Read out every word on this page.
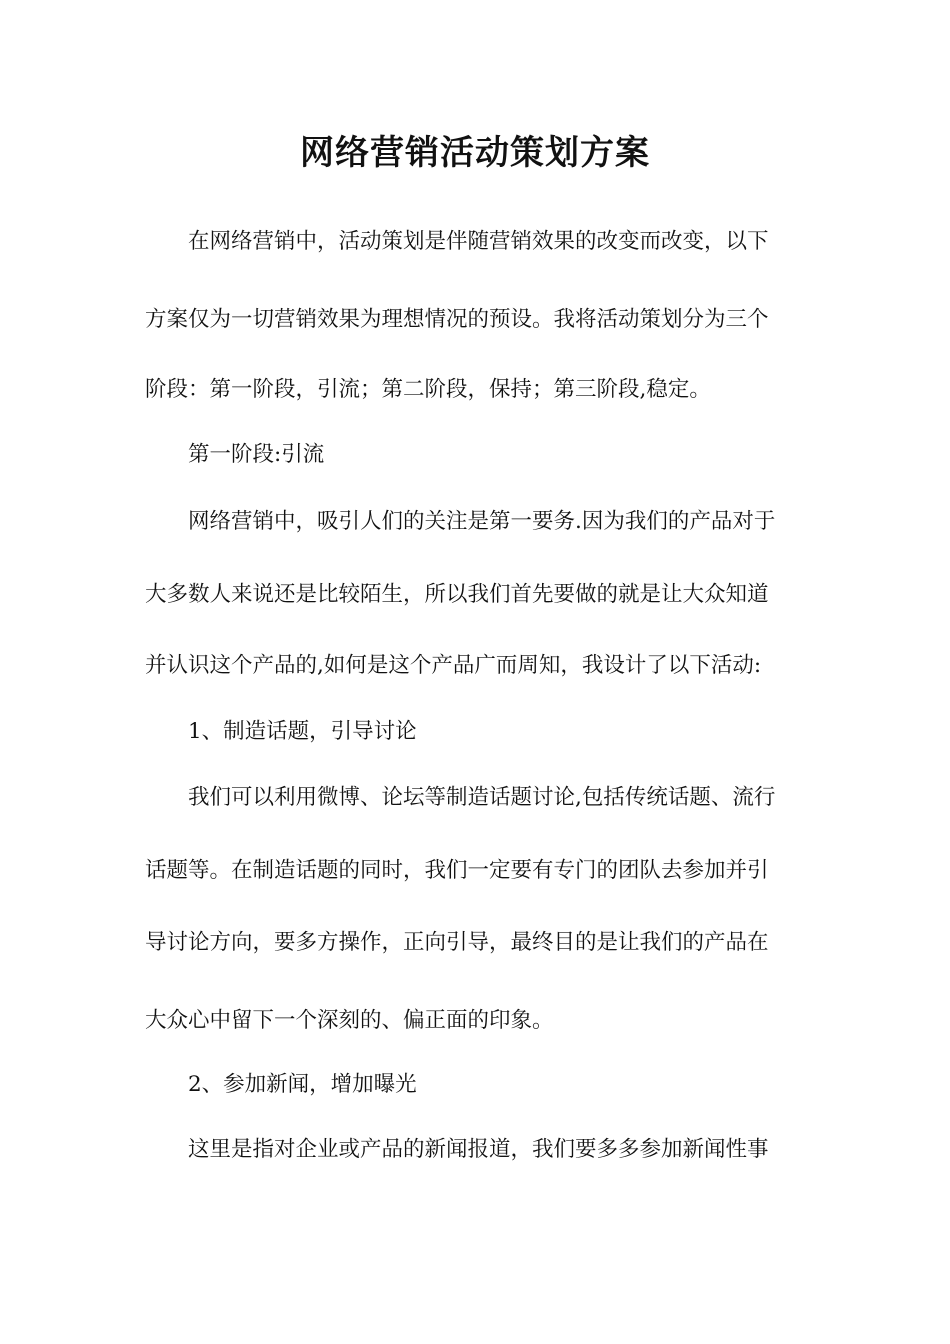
网络营销活动策划方案

在网络营销中，活动策划是伴随营销效果的改变而改变，以下

方案仅为一切营销效果为理想情况的预设。我将活动策划分为三个

阶段：第一阶段，引流；第二阶段，保持；第三阶段,稳定。

第一阶段:引流

网络营销中，吸引人们的关注是第一要务.因为我们的产品对于

大多数人来说还是比较陌生，所以我们首先要做的就是让大众知道

并认识这个产品的,如何是这个产品广而周知，我设计了以下活动:

1、制造话题，引导讨论

我们可以利用微博、论坛等制造话题讨论,包括传统话题、流行

话题等。在制造话题的同时，我们一定要有专门的团队去参加并引

导讨论方向，要多方操作，正向引导，最终目的是让我们的产品在

大众心中留下一个深刻的、偏正面的印象。

2、参加新闻，增加曝光

这里是指对企业或产品的新闻报道，我们要多多参加新闻性事
